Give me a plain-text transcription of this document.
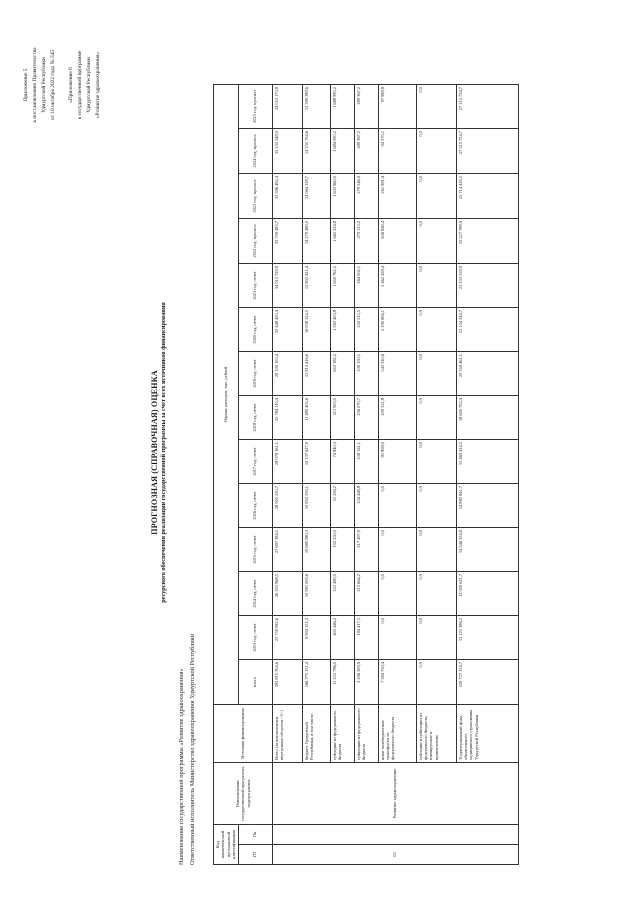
Приложение 5 к постановлению Правительства Удмуртской Республики от 10 октября 2022 года № 545
	«Приложение 6 к государственной программе Удмуртской Республики «Развитие здравоохранения»
ПРОГНОЗНАЯ (СПРАВОЧНАЯ) ОЦЕНКА ресурсного обеспечения реализации государственной программы за счет всех источников финансирования
Наименование государственной программы «Развитие здравоохранения» Ответственный исполнитель Министерство здравоохранения Удмуртской Республики	Код аналитической программной классификации		Наименование государственной программы, подпрограммы	Источник финансирования	Оценка расходов, тыс. рублей													
ГП	Пп			итого	2013 год, отчет	2014 год, отчет	2015 год, отчет	2016 год, отчет	2017 год, отчет	2018 год, отчет	2019 год, отчет	2020 год, отчет	2021 год, отчет	2022 год, прогноз	2023 год, прогноз	2024 год, прогноз	2025 год, прогноз

02		Развитие здравоохранения	Всего (за исключением внутренних оборотов <1>)	392 810 704,6	23 759 082,6	26 301 968,5	27 697 384,1	28 005 550,7	28 078 161,1	25 784 110,4	29 100 105,4	33 448 403,4	34 015 729,9	33 759 493,7	33 396 492,4	35 235 548,0	34 053 173,8
			бюджет Удмуртской Республики, в том числе:	166 775 151,4	9 904 551,3	10 991 009,6	10 680 080,3	10 852 559,1	10 137 627,9	11 480 405,6	12 815 416,6	16 038 224,5	13 805 421,4	14 279 480,0	14 064 358,7	14 335 704,6	13 399 289,6
			субсидии из федерального бюджета	11 253 786,0	405 446,2	331 480,0	102 250,0	31 256,2	74 840,3	211 903,0	653 182,2	1 592 403,8	1 650 762,5	1 662 524,8	1 635 960,0	1 684 090,2	1 688 990,2
			субвенции из федерального бюджета	3 206 309,9	184 417,3	213 664,2	217 497,9	234 448,8	238 141,1	236 070,7	239 150,1	250 515,5	264 002,1	270 113,0	279 546,9	289 367,5	289 367,2
			иные межбюджетные трансферты из федерального бюджета	7 584 750,4	0,0	0,0	0,0	0,0	85 808,0	209 321,8	543 343,6	2 190 806,1	3 462 438,4	636 849,4	261 981,4	94 570,1	97 988,8
			субсидии и субвенции из федерального бюджета, планируемые к привлечению	0,0	0,0	0,0	0,0	0,0	0,0	0,0	0,0	0,0	0,0	0,0	0,0	0,0	0,0
			Территориальный фонд обязательного медицинского страхования Удмуртской Республики	229 727 154,7	12 121 386,2	13 059 611,7	14 546 354,9	14 882 841,7	15 469 414,3	18 600 702,4	20 559 461,1	22 154 344,7	23 103 559,9	25 227 788,9	25 714 429,5	27 215 724,7	27 215 724,7
